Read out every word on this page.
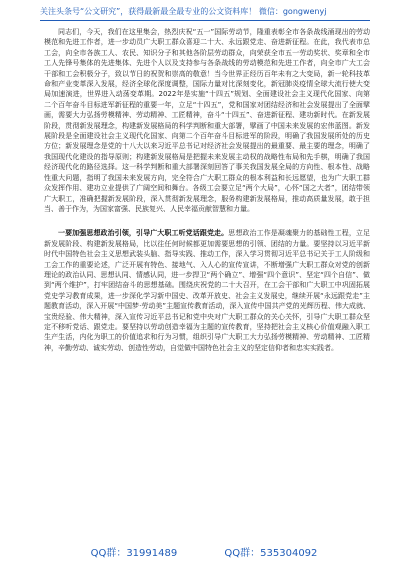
关注头条号“公文研究”，获得最新最全最专业的公文资料库！ 微信：gongwenyj

同志们，今天，我们在这里集会，热烈庆祝“五一”国际劳动节，隆重表彰全市各条战线涌现出的劳动模范和先进工作者，进一步动员广大职工群众喜迎二十大、永远跟党走、奋进新征程。在此，我代表市总工会，向全市各族工人、农民、知识分子和其他各阶层劳动群众，向荣获全市五一劳动奖状、奖章和全市工人先锋号集体的先进集体、先进个人以及支持参与各条战线的劳动模范和先进工作者，向全市广大工会干部和工会积极分子，致以节日的祝贺和崇高的敬意！当今世界正经历百年未有之大变局，新一轮科技革命和产业变革深入发展，经济全球化深度调整，国际力量对比深刻变化，新冠肺炎疫情全球大流行使大变局加速演进，世界进入动荡变革期。2022年是实施“十四五”规划、全面建设社会主义现代化国家、向第二个百年奋斗目标进军新征程的重要一年，立足“十四五”，党和国家对团结经济和社会发展提出了全面擘画，需要大力弘扬劳模精神、劳动精神、工匠精神，奋斗“十四五”、奋进新征程、建功新时代。在新发展阶段，贯彻新发展理念，构建新发展格局的科学判断和重大部署，擘画了中国未来发展的宏伟蓝图。新发展阶段是全面建设社会主义现代化国家、向第二个百年奋斗目标进军的阶段，明确了我国发展所处的历史方位；新发展理念是党的十八大以来习近平总书记对经济社会发展提出的最重要、最主要的理念，明确了我国现代化建设的指导原则；构建新发展格局是把握未来发展主动权的战略性布局和先手棋，明确了我国经济现代化的路径选择。这一科学判断和重大部署深刻回答了事关我国发展全局的方向性、根本性、战略性重大问题，指明了我国未来发展方向，完全符合广大职工群众的根本利益和长远愿望，也为广大职工群众发挥作用、建功立业提供了广阔空间和舞台。各级工会要立足“两个大局”，心怀“国之大者”，团结带领广大职工，准确把握新发展阶段，深入贯彻新发展理念，服务构建新发展格局，推动高质量发展，敢于担当、善于作为，为国家富强、民族复兴、人民幸福贡献智慧和力量。

一要加强思想政治引领，引导广大职工听党话跟党走。思想政治工作是凝魂聚力的基础性工程，立足新发展阶段、构建新发展格局，比以往任何时候都更加需要思想的引领、团结的力量。要坚持以习近平新时代中国特色社会主义思想武装头脑、指导实践、推动工作，深入学习贯彻习近平总书记关于工人阶级和工会工作的重要论述，广泛开展有特色、接地气、入人心的宣传宣讲，不断增强广大职工群众对党的创新理论的政治认同、思想认同、情感认同，进一步捍卫“两个确立”、增强“四个意识”、坚定“四个自信”、做到“两个维护”，打牢团结奋斗的思想基础。围绕庆祝党的二十大召开，在工会干部和广大职工中巩固拓展党史学习教育成果，进一步深化学习新中国史、改革开放史、社会主义发展史，继续开展“永远跟党走”主题教育活动，深入开展“中国梦·劳动美”主题宣传教育活动，深入宣传中国共产党的光辉历程、伟大成就、宝贵经验、伟大精神，深入宣传习近平总书记和党中央对广大职工群众的关心关怀，引导广大职工群众坚定不移听党话、跟党走。要坚持以劳动创造幸福为主题的宣传教育，坚持把社会主义核心价值观融入职工生产生活，内化为职工的价值追求和行为习惯，组织引导广大职工大力弘扬劳模精神、劳动精神、工匠精神，辛勤劳动、诚实劳动、创造性劳动，自觉做中国特色社会主义的坚定信仰者和忠实实践者。

QQ群：31991489	QQ群：535304092
